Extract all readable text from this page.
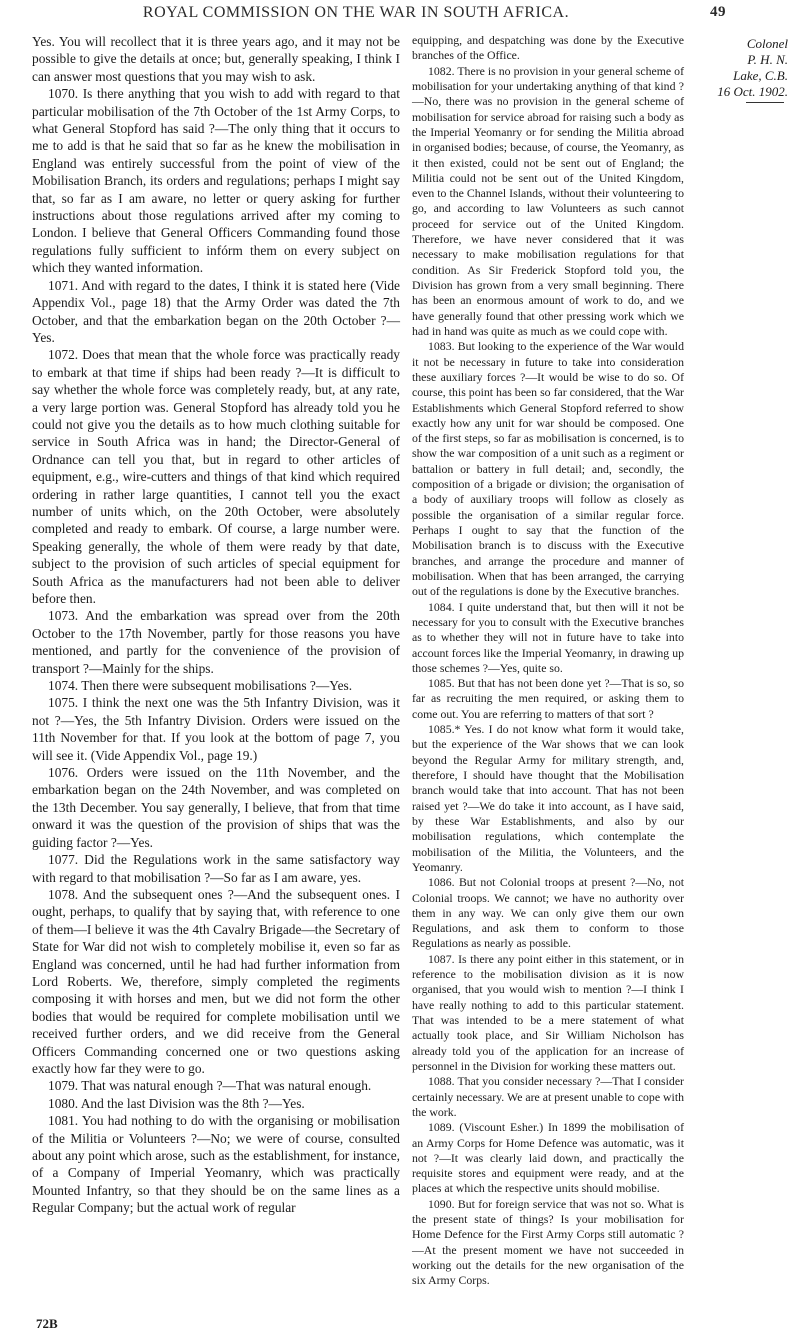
ROYAL COMMISSION ON THE WAR IN SOUTH AFRICA.	49

Yes. You will recollect that it is three years ago, and it may not be possible to give the details at once; but, generally speaking, I think I can answer most questions that you may wish to ask.

1070. Is there anything that you wish to add with regard to that particular mobilisation of the 7th October of the 1st Army Corps, to what General Stopford has said ?—The only thing that it occurs to me to add is that he said that so far as he knew the mobilisation in England was entirely successful from the point of view of the Mobilisation Branch, its orders and regulations; perhaps I might say that, so far as I am aware, no letter or query asking for further instructions about those regulations arrived after my coming to London. I believe that General Officers Commanding found those regulations fully sufficient to infórm them on every subject on which they wanted information.

1071. And with regard to the dates, I think it is stated here (Vide Appendix Vol., page 18) that the Army Order was dated the 7th October, and that the embarkation began on the 20th October ?—Yes.

1072. Does that mean that the whole force was practically ready to embark at that time if ships had been ready ?—It is difficult to say whether the whole force was completely ready, but, at any rate, a very large portion was. General Stopford has already told you he could not give you the details as to how much clothing suitable for service in South Africa was in hand; the Director-General of Ordnance can tell you that, but in regard to other articles of equipment, e.g., wire-cutters and things of that kind which required ordering in rather large quantities, I cannot tell you the exact number of units which, on the 20th October, were absolutely completed and ready to embark. Of course, a large number were. Speaking generally, the whole of them were ready by that date, subject to the provision of such articles of special equipment for South Africa as the manufacturers had not been able to deliver before then.

1073. And the embarkation was spread over from the 20th October to the 17th November, partly for those reasons you have mentioned, and partly for the convenience of the provision of transport ?—Mainly for the ships.

1074. Then there were subsequent mobilisations ?—Yes.

1075. I think the next one was the 5th Infantry Division, was it not ?—Yes, the 5th Infantry Division. Orders were issued on the 11th November for that. If you look at the bottom of page 7, you will see it. (Vide Appendix Vol., page 19.)

1076. Orders were issued on the 11th November, and the embarkation began on the 24th November, and was completed on the 13th December. You say generally, I believe, that from that time onward it was the question of the provision of ships that was the guiding factor ?—Yes.

1077. Did the Regulations work in the same satisfactory way with regard to that mobilisation ?—So far as I am aware, yes.

1078. And the subsequent ones ?—And the subsequent ones. I ought, perhaps, to qualify that by saying that, with reference to one of them—I believe it was the 4th Cavalry Brigade—the Secretary of State for War did not wish to completely mobilise it, even so far as England was concerned, until he had had further information from Lord Roberts. We, therefore, simply completed the regiments composing it with horses and men, but we did not form the other bodies that would be required for complete mobilisation until we received further orders, and we did receive from the General Officers Commanding concerned one or two questions asking exactly how far they were to go.

1079. That was natural enough ?—That was natural enough.

1080. And the last Division was the 8th ?—Yes.

1081. You had nothing to do with the organising or mobilisation of the Militia or Volunteers ?—No; we were of course, consulted about any point which arose, such as the establishment, for instance, of a Company of Imperial Yeomanry, which was practically Mounted Infantry, so that they should be on the same lines as a Regular Company; but the actual work of regular

equipping, and despatching was done by the Executive branches of the Office.

1082. There is no provision in your general scheme of mobilisation for your undertaking anything of that kind ?—No, there was no provision in the general scheme of mobilisation for service abroad for raising such a body as the Imperial Yeomanry or for sending the Militia abroad in organised bodies; because, of course, the Yeomanry, as it then existed, could not be sent out of England; the Militia could not be sent out of the United Kingdom, even to the Channel Islands, without their volunteering to go, and according to law Volunteers as such cannot proceed for service out of the United Kingdom. Therefore, we have never considered that it was necessary to make mobilisation regulations for that condition. As Sir Frederick Stopford told you, the Division has grown from a very small beginning. There has been an enormous amount of work to do, and we have generally found that other pressing work which we had in hand was quite as much as we could cope with.

1083. But looking to the experience of the War would it not be necessary in future to take into consideration these auxiliary forces ?—It would be wise to do so. Of course, this point has been so far considered, that the War Establishments which General Stopford referred to show exactly how any unit for war should be composed. One of the first steps, so far as mobilisation is concerned, is to show the war composition of a unit such as a regiment or battalion or battery in full detail; and, secondly, the composition of a brigade or division; the organisation of a body of auxiliary troops will follow as closely as possible the organisation of a similar regular force. Perhaps I ought to say that the function of the Mobilisation branch is to discuss with the Executive branches, and arrange the procedure and manner of mobilisation. When that has been arranged, the carrying out of the regulations is done by the Executive branches.

1084. I quite understand that, but then will it not be necessary for you to consult with the Executive branches as to whether they will not in future have to take into account forces like the Imperial Yeomanry, in drawing up those schemes ?—Yes, quite so.

1085. But that has not been done yet ?—That is so, so far as recruiting the men required, or asking them to come out. You are referring to matters of that sort ?

1085.* Yes. I do not know what form it would take, but the experience of the War shows that we can look beyond the Regular Army for military strength, and, therefore, I should have thought that the Mobilisation branch would take that into account. That has not been raised yet ?—We do take it into account, as I have said, by these War Establishments, and also by our mobilisation regulations, which contemplate the mobilisation of the Militia, the Volunteers, and the Yeomanry.

1086. But not Colonial troops at present ?—No, not Colonial troops. We cannot; we have no authority over them in any way. We can only give them our own Regulations, and ask them to conform to those Regulations as nearly as possible.

1087. Is there any point either in this statement, or in reference to the mobilisation division as it is now organised, that you would wish to mention ?—I think I have really nothing to add to this particular statement. That was intended to be a mere statement of what actually took place, and Sir William Nicholson has already told you of the application for an increase of personnel in the Division for working these matters out.

1088. That you consider necessary ?—That I consider certainly necessary. We are at present unable to cope with the work.

1089. (Viscount Esher.) In 1899 the mobilisation of an Army Corps for Home Defence was automatic, was it not ?—It was clearly laid down, and practically the requisite stores and equipment were ready, and at the places at which the respective units should mobilise.

1090. But for foreign service that was not so. What is the present state of things? Is your mobilisation for Home Defence for the First Army Corps still automatic ?—At the present moment we have not succeeded in working out the details for the new organisation of the six Army Corps.

Colonel
P. H. N.
Lake, C.B.
16 Oct. 1902.
72B
